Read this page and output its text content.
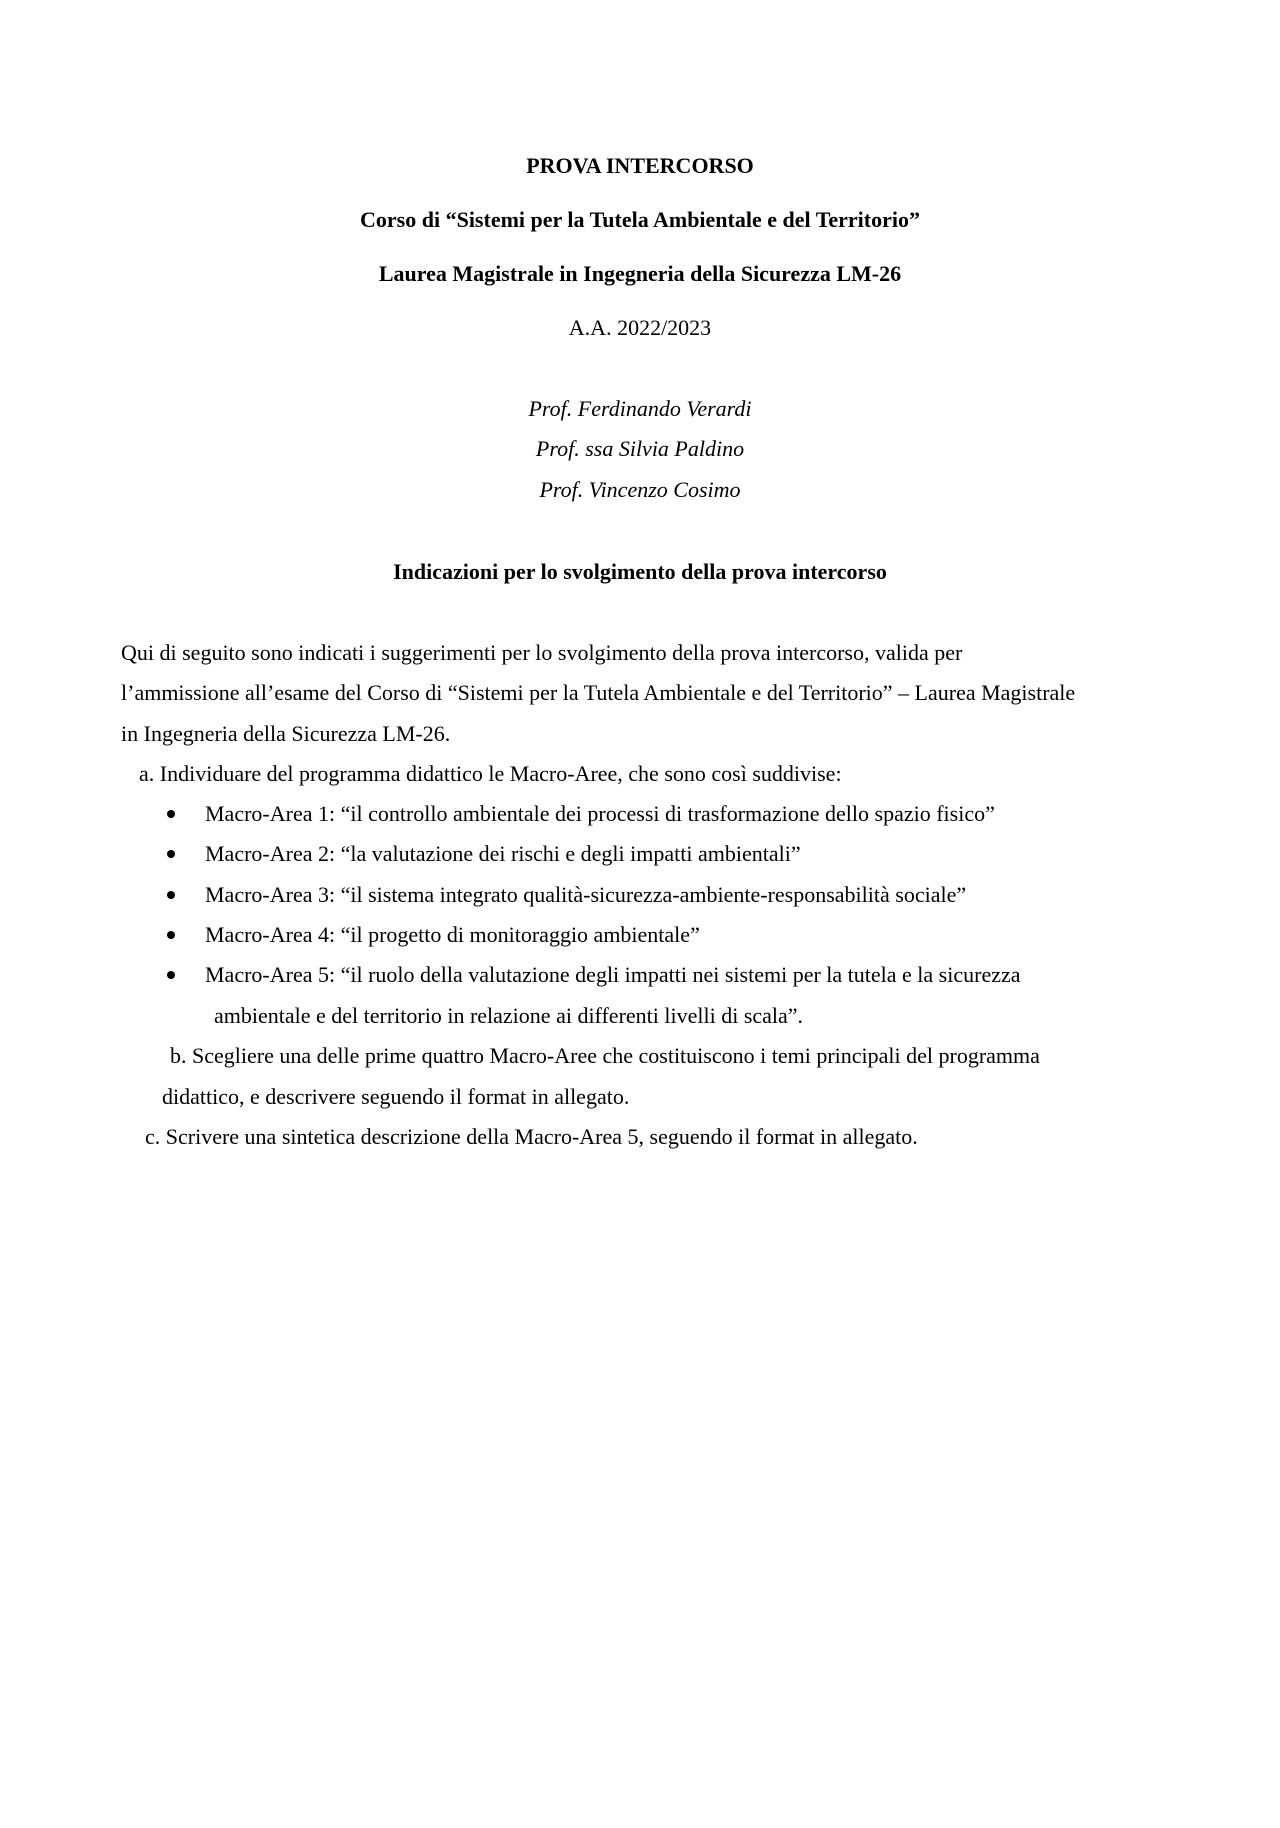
PROVA INTERCORSO
Corso di “Sistemi per la Tutela Ambientale e del Territorio”
Laurea Magistrale in Ingegneria della Sicurezza LM-26
A.A. 2022/2023
Prof. Ferdinando Verardi
Prof. ssa Silvia Paldino
Prof. Vincenzo Cosimo
Indicazioni per lo svolgimento della prova intercorso
Qui di seguito sono indicati i suggerimenti per lo svolgimento della prova intercorso, valida per
l’ammissione all’esame del Corso di “Sistemi per la Tutela Ambientale e del Territorio” – Laurea Magistrale
in Ingegneria della Sicurezza LM-26.
a. Individuare del programma didattico le Macro-Aree, che sono così suddivise:
Macro-Area 1: “il controllo ambientale dei processi di trasformazione dello spazio fisico”
Macro-Area 2: “la valutazione dei rischi e degli impatti ambientali”
Macro-Area 3: “il sistema integrato qualità-sicurezza-ambiente-responsabilità sociale”
Macro-Area 4: “il progetto di monitoraggio ambientale”
Macro-Area 5: “il ruolo della valutazione degli impatti nei sistemi per la tutela e la sicurezza
ambientale e del territorio in relazione ai differenti livelli di scala”.
b. Scegliere una delle prime quattro Macro-Aree che costituiscono i temi principali del programma
didattico, e descrivere seguendo il format in allegato.
c. Scrivere una sintetica descrizione della Macro-Area 5, seguendo il format in allegato.
